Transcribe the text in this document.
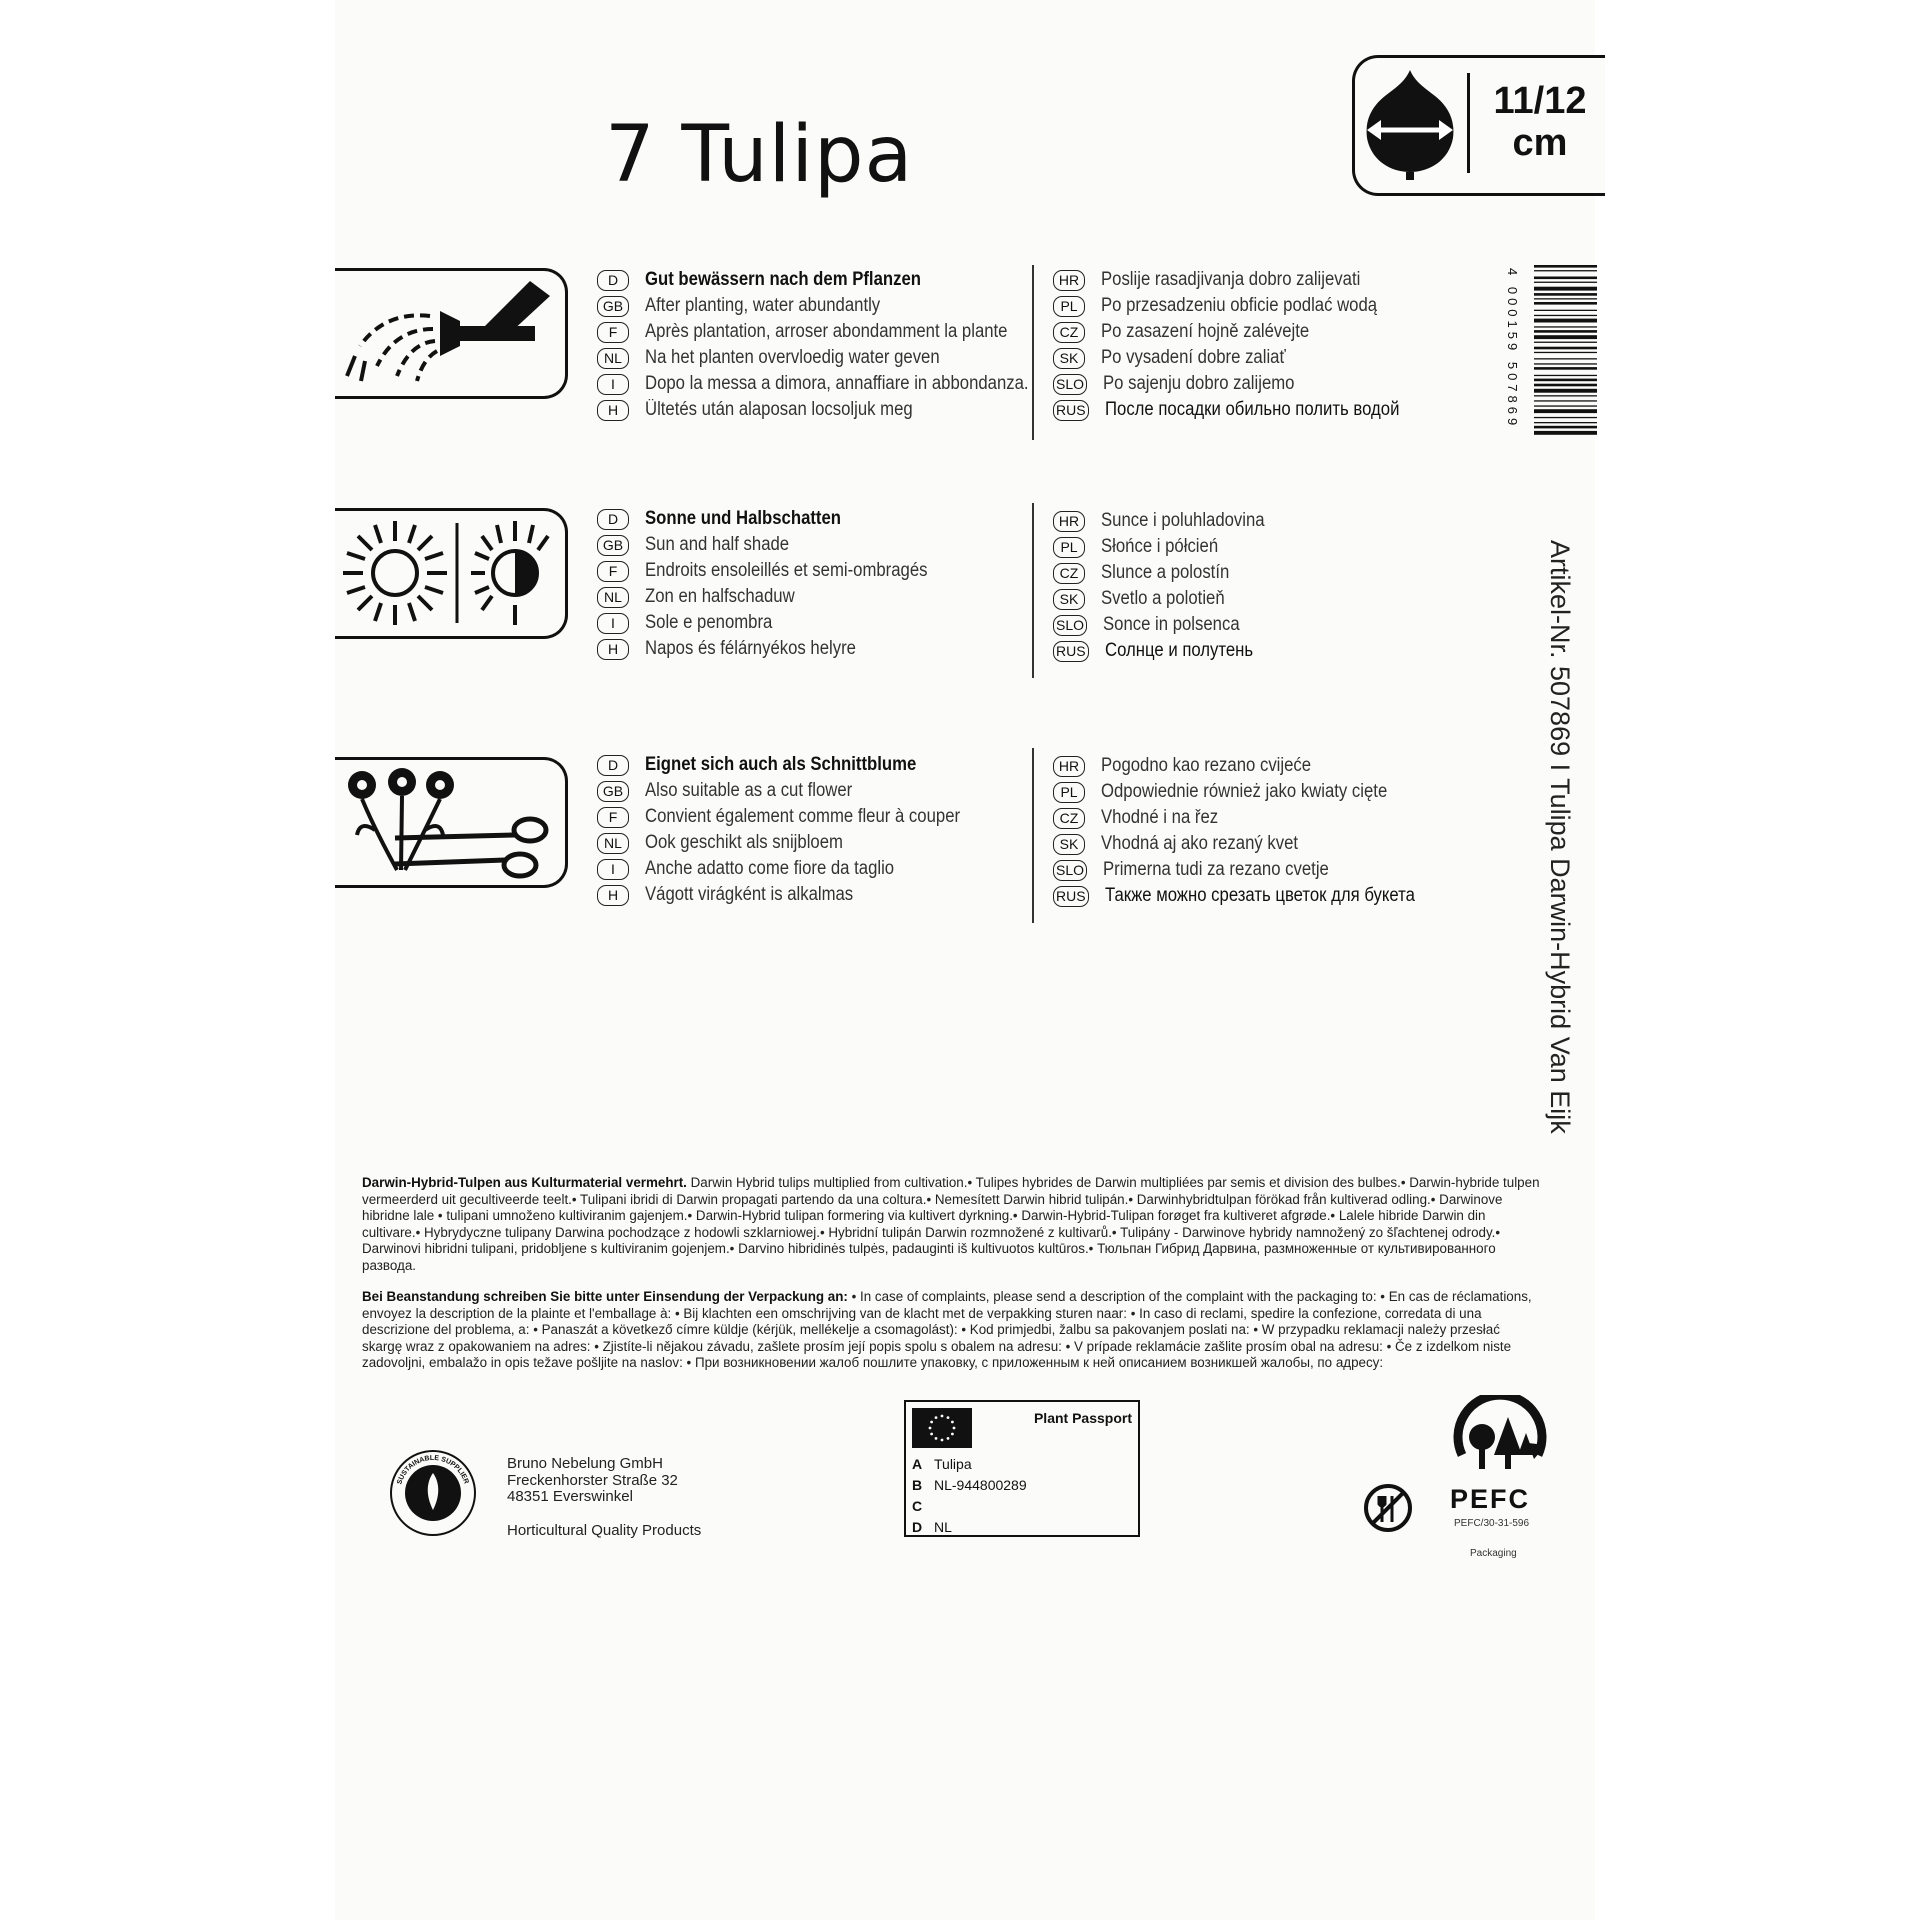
7 Tulipa
11/12
cm
D	Gut bewässern nach dem Pflanzen
GB	After planting, water abundantly
F	Après plantation, arroser abondamment la plante
NL	Na het planten overvloedig water geven
I	Dopo la messa a dimora, annaffiare in abbondanza.
H	Ültetés után alaposan locsoljuk meg
HR	Poslije rasadjivanja dobro zalijevati
PL	Po przesadzeniu obficie podlać wodą
CZ	Po zasazení hojně zalévejte
SK	Po vysadení dobre zaliať
SLO Po sajenju dobro zalijemo
RUS После посадки обильно полить водой
D	Sonne und Halbschatten
GB	Sun and half shade
F	Endroits ensoleillés et semi-ombragés
NL	Zon en halfschaduw
I	Sole e penombra
H	Napos és félárnyékos helyre
HR	Sunce i poluhladovina
PL	Słońce i półcień
CZ	Slunce a polostín
SK	Svetlo a polotieň
SLO Sonce in polsenca
RUS Солнце и полутень
D	Eignet sich auch als Schnittblume
GB	Also suitable as a cut flower
F	Convient également comme fleur à couper
NL	Ook geschikt als snijbloem
I	Anche adatto come fiore da taglio
H	Vágott virágként is alkalmas
HR	Pogodno kao rezano cvijeće
PL	Odpowiednie również jako kwiaty cięte
CZ	Vhodné i na řez
SK	Vhodná aj ako rezaný kvet
SLO Primerna tudi za rezano cvetje
RUS Также можно срезать цветок для букета	Artikel-Nr. 507869 I Tulipa Darwin-Hybrid Van Eijk
Darwin-Hybrid-Tulpen aus Kulturmaterial vermehrt. Darwin Hybrid tulips multiplied from cultivation.• Tulipes hybrides de Darwin multipliées par semis et division des bulbes.• Darwin-hybride tulpen vermeerderd uit gecultiveerde teelt.• Tulipani ibridi di Darwin propagati partendo da una coltura.• Nemesített Darwin hibrid tulipán.• Darwinhybridtulpan förökad från kultiverad odling.• Darwinove hibridne lale • tulipani umnoženo kultiviranim gajenjem.• Darwin-Hybrid tulipan formering via kultivert dyrkning.• Darwin-Hybrid-Tulipan forøget fra kultiveret afgrøde.• Lalele hibride Darwin din cultivare.• Hybrydyczne tulipany Darwina pochodzące z hodowli szklarniowej.• Hybridní tulipán Darwin rozmnožené z kultivarů.• Tulipány - Darwinove hybridy namnožený zo šľachtenej odrody.• Darwinovi hibridni tulipani, pridobljene s kultiviranim gojenjem.• Darvino hibridinės tulpės, padauginti iš kultivuotos kultūros.• Тюльпан Гибрид Дарвина, размноженные от культивированного развода.
Bei Beanstandung schreiben Sie bitte unter Einsendung der Verpackung an: • In case of complaints, please send a description of the complaint with the packaging to: • En cas de réclamations, envoyez la description de la plainte et l'emballage à: • Bij klachten een omschrijving van de klacht met de verpakking sturen naar: • In caso di reclami, spedire la confezione, corredata di una descrizione del problema, a: • Panaszát a következő címre küldje (kérjük, mellékelje a csomagolást): • Kod primjedbi, žalbu sa pakovanjem poslati na: • W przypadku reklamacji należy przesłać skargę wraz z opakowaniem na adres: • Zjistíte-li nějakou závadu, zašlete prosím její popis spolu s obalem na adresu: • V prípade reklamácie zašlite prosím obal na adresu: • Če z izdelkom niste zadovoljni, embalažo in opis težave pošljite na naslov: • При возникновении жалоб пошлите упаковку, с приложенным к ней описанием возникшей жалобы, по адресу:
SUSTAINABLE SUPPLIER
Bruno Nebelung GmbH
Freckenhorster Straße 32
48351 Everswinkel
Horticultural Quality Products
Plant Passport
A Tulipa
B NL-944800289
C
D NL
PEFC
PEFC/30-31-596
Packaging
